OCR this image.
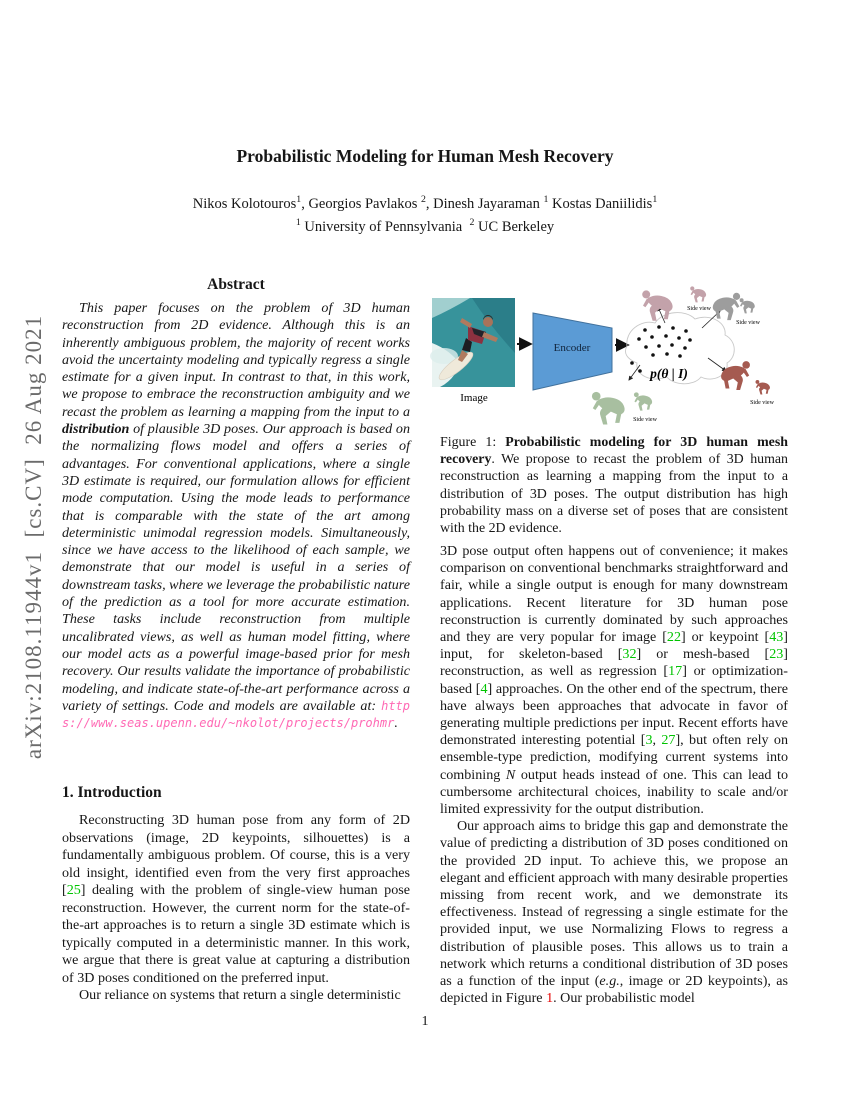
arXiv:2108.11944v1  [cs.CV]  26 Aug 2021
Probabilistic Modeling for Human Mesh Recovery
Nikos Kolotouros$^1$, Georgios Pavlakos $^2$, Dinesh Jayaraman $^1$ Kostas Daniilidis$^1$
$^1$ University of Pennsylvania  $^2$ UC Berkeley
Abstract
This paper focuses on the problem of 3D human reconstruction from 2D evidence. Although this is an inherently ambiguous problem, the majority of recent works avoid the uncertainty modeling and typically regress a single estimate for a given input. In contrast to that, in this work, we propose to embrace the reconstruction ambiguity and we recast the problem as learning a mapping from the input to a distribution of plausible 3D poses. Our approach is based on the normalizing flows model and offers a series of advantages. For conventional applications, where a single 3D estimate is required, our formulation allows for efficient mode computation. Using the mode leads to performance that is comparable with the state of the art among deterministic unimodal regression models. Simultaneously, since we have access to the likelihood of each sample, we demonstrate that our model is useful in a series of downstream tasks, where we leverage the probabilistic nature of the prediction as a tool for more accurate estimation. These tasks include reconstruction from multiple uncalibrated views, as well as human model fitting, where our model acts as a powerful image-based prior for mesh recovery. Our results validate the importance of probabilistic modeling, and indicate state-of-the-art performance across a variety of settings. Code and models are available at: https://www.seas.upenn.edu/~nkolot/projects/prohmr.
1. Introduction

Reconstructing 3D human pose from any form of 2D observations (image, 2D keypoints, silhouettes) is a fundamentally ambiguous problem. Of course, this is a very old insight, identified even from the very first approaches [25] dealing with the problem of single-view human pose reconstruction. However, the current norm for the state-of-the-art approaches is to return a single 3D estimate which is typically computed in a deterministic manner. In this work, we argue that there is great value at capturing a distribution of 3D poses conditioned on the preferred input.

Our reliance on systems that return a single deterministic

Image
Encoder
p(θ | I)
Side view
Side view
Side view
Side view
Figure 1: Probabilistic modeling for 3D human mesh recovery. We propose to recast the problem of 3D human reconstruction as learning a mapping from the input to a distribution of 3D poses. The output distribution has high probability mass on a diverse set of poses that are consistent with the 2D evidence.

3D pose output often happens out of convenience; it makes comparison on conventional benchmarks straightforward and fair, while a single output is enough for many downstream applications. Recent literature for 3D human pose reconstruction is currently dominated by such approaches and they are very popular for image [22] or keypoint [43] input, for skeleton-based [32] or mesh-based [23] reconstruction, as well as regression [17] or optimization-based [4] approaches. On the other end of the spectrum, there have always been approaches that advocate in favor of generating multiple predictions per input. Recent efforts have demonstrated interesting potential [3, 27], but often rely on ensemble-type prediction, modifying current systems into combining N output heads instead of one. This can lead to cumbersome architectural choices, inability to scale and/or limited expressivity for the output distribution.

Our approach aims to bridge this gap and demonstrate the value of predicting a distribution of 3D poses conditioned on the provided 2D input. To achieve this, we propose an elegant and efficient approach with many desirable properties missing from recent work, and we demonstrate its effectiveness. Instead of regressing a single estimate for the provided input, we use Normalizing Flows to regress a distribution of plausible poses. This allows us to train a network which returns a conditional distribution of 3D poses as a function of the input (e.g., image or 2D keypoints), as depicted in Figure 1. Our probabilistic model

1
